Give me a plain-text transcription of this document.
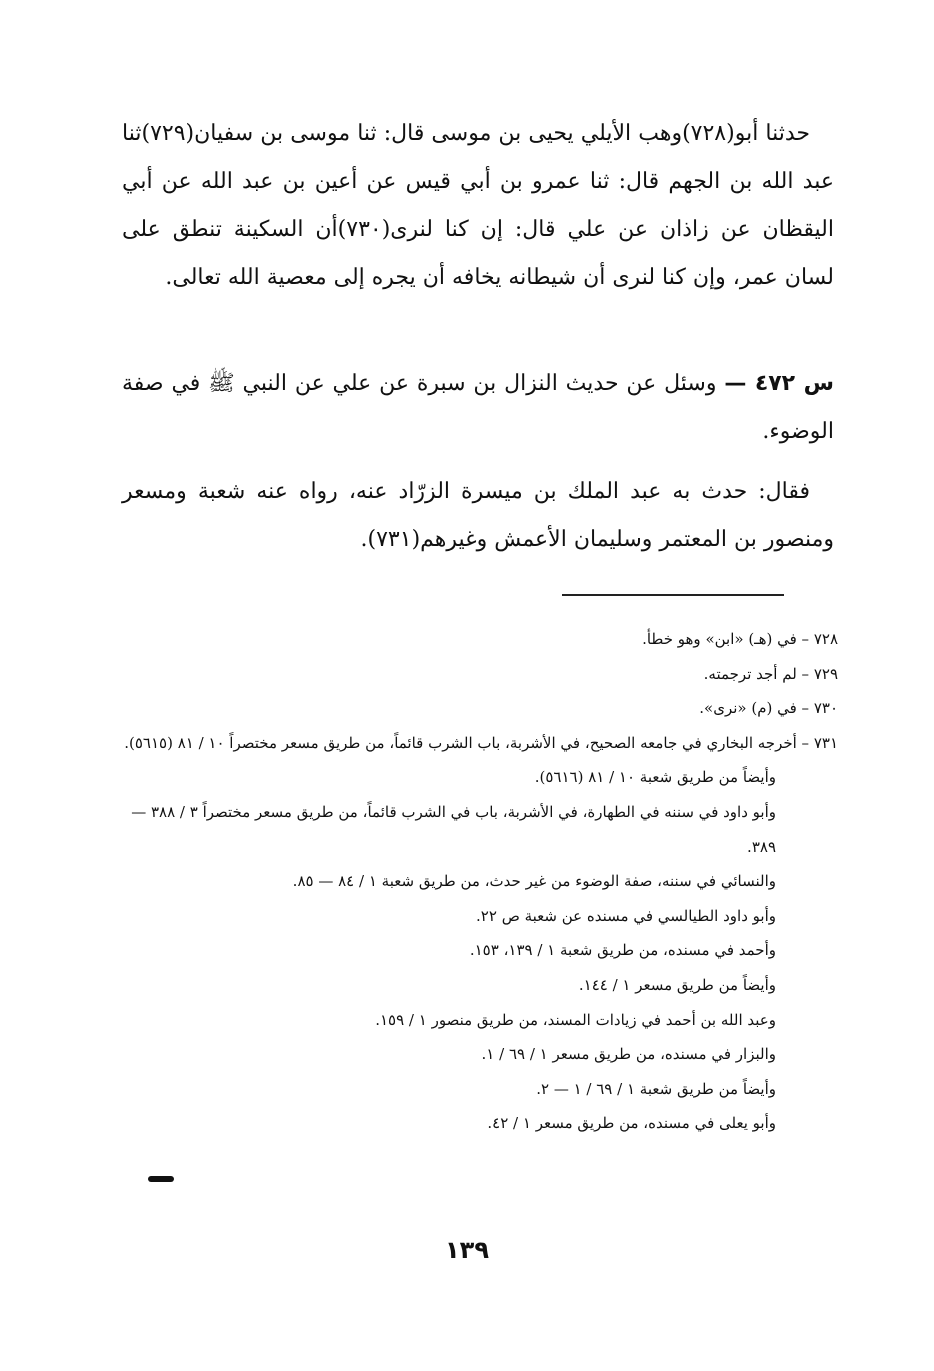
حدثنا أبو(٧٢٨)وهب الأيلي يحيى بن موسى قال: ثنا موسى بن سفيان(٧٢٩)ثنا عبد الله بن الجهم قال: ثنا عمرو بن أبي قيس عن أعين بن عبد الله عن أبي اليقظان عن زاذان عن علي قال: إن كنا لنرى(٧٣٠)أن السكينة تنطق على لسان عمر، وإن كنا لنرى أن شيطانه يخافه أن يجره إلى معصية الله تعالى.

س ٤٧٢ — وسئل عن حديث النزال بن سبرة عن علي عن النبي ﷺ في صفة الوضوء.

فقال: حدث به عبد الملك بن ميسرة الزرّاد عنه، رواه عنه شعبة ومسعر ومنصور بن المعتمر وسليمان الأعمش وغيرهم(٧٣١).

٧٢٨ – في (هـ) «ابن» وهو خطأ.

٧٢٩ – لم أجد ترجمته.

٧٣٠ – في (م) «نرى».

٧٣١ – أخرجه البخاري في جامعه الصحيح، في الأشربة، باب الشرب قائماً، من طريق مسعر مختصراً ١٠ / ٨١ (٥٦١٥).

وأيضاً من طريق شعبة ١٠ / ٨١ (٥٦١٦).

وأبو داود في سننه في الطهارة، في الأشربة، باب في الشرب قائماً، من طريق مسعر مختصراً ٣ / ٣٨٨ — ٣٨٩.

والنسائي في سننه، صفة الوضوء من غير حدث، من طريق شعبة ١ / ٨٤ — ٨٥.

وأبو داود الطيالسي في مسنده عن شعبة ص ٢٢.

وأحمد في مسنده، من طريق شعبة ١ / ١٣٩، ١٥٣.

وأيضاً من طريق مسعر ١ / ١٤٤.

وعبد الله بن أحمد في زيادات المسند، من طريق منصور ١ / ١٥٩.

والبزار في مسنده، من طريق مسعر ١ / ٦٩ / ١.

وأيضاً من طريق شعبة ١ / ٦٩ / ١ — ٢.

وأبو يعلى في مسنده، من طريق مسعر ١ / ٤٢.

١٣٩
